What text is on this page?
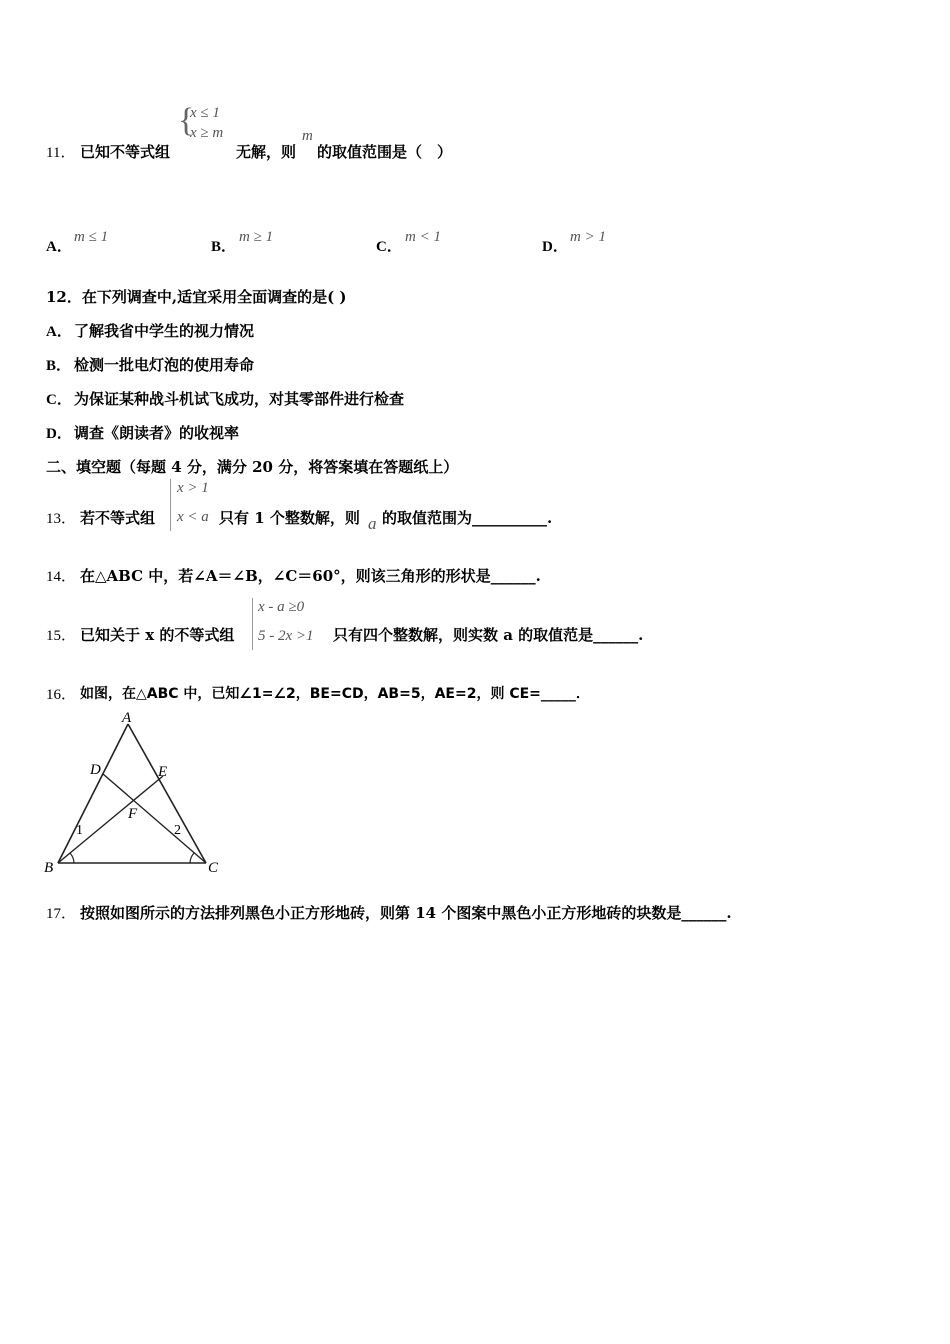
11． 已知不等式组
{
x ≤ 1
x ≥ m
无解，则
m
的取值范围是（　）
A．
m ≤ 1
B．
m ≥ 1
C．
m < 1
D．
m > 1
12．在下列调查中,适宜采用全面调查的是( )
A． 了解我省中学生的视力情况
B． 检测一批电灯泡的使用寿命
C． 为保证某种战斗机试飞成功，对其零部件进行检查
D． 调查《朗读者》的收视率
二、填空题（每题 4 分，满分 20 分，将答案填在答题纸上）
13． 若不等式组
x > 1
x < a 只有 1 个整数解，则 a 的取值范围为__________.
14． 在△ABC 中，若∠A＝∠B，∠C＝60°，则该三角形的形状是______.
15． 已知关于 x 的不等式组
x - a ≥0
5 - 2x >1 只有四个整数解，则实数 a 的取值范是______.
16． 如图，在△ABC 中，已知∠1=∠2，BE=CD，AB=5，AE=2，则 CE=_____．
A
B	C
D	E
F
1	2
17． 按照如图所示的方法排列黑色小正方形地砖，则第 14 个图案中黑色小正方形地砖的块数是______.
